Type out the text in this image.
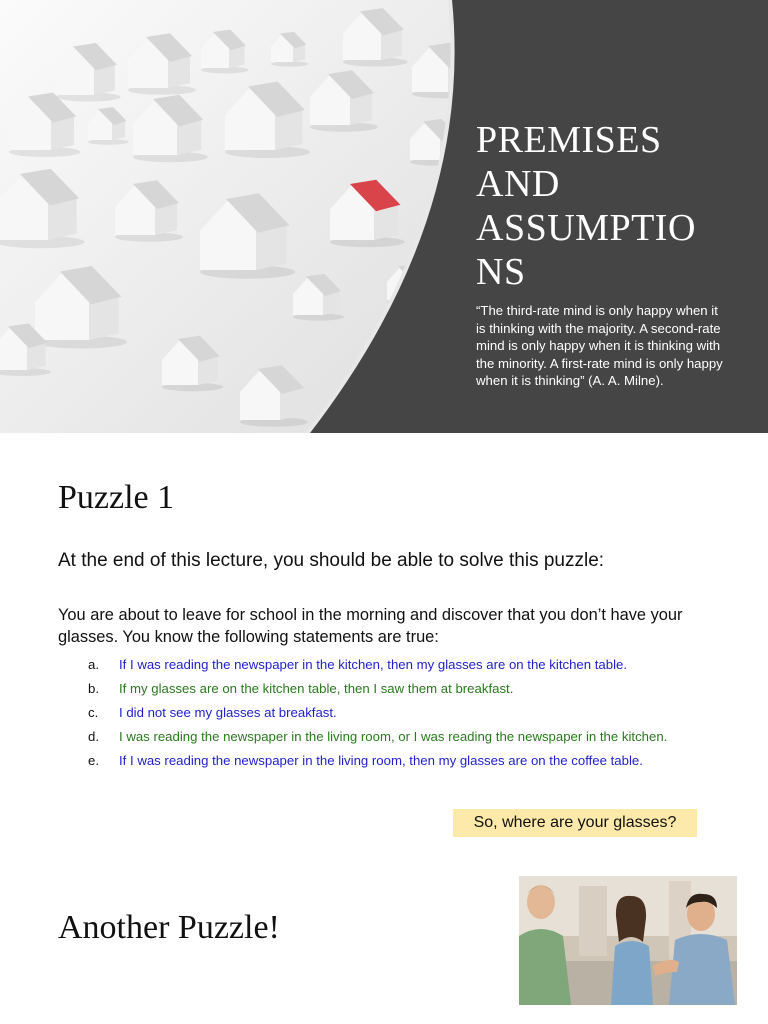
PREMISES
AND
ASSUMPTIO
NS
“The third-rate mind is only happy when it is thinking with the majority. A second-rate mind is only happy when it is thinking with the minority. A first-rate mind is only happy when it is thinking” (A. A. Milne).
Puzzle 1
At the end of this lecture, you should be able to solve this puzzle:
You are about to leave for school in the morning and discover that you don’t have your glasses. You know the following statements are true:
a. If I was reading the newspaper in the kitchen, then my glasses are on the kitchen table.
b. If my glasses are on the kitchen table, then I saw them at breakfast.
c. I did not see my glasses at breakfast.
d. I was reading the newspaper in the living room, or I was reading the newspaper in the kitchen.
e. If I was reading the newspaper in the living room, then my glasses are on the coffee table.
So, where are your glasses?
Another Puzzle!
